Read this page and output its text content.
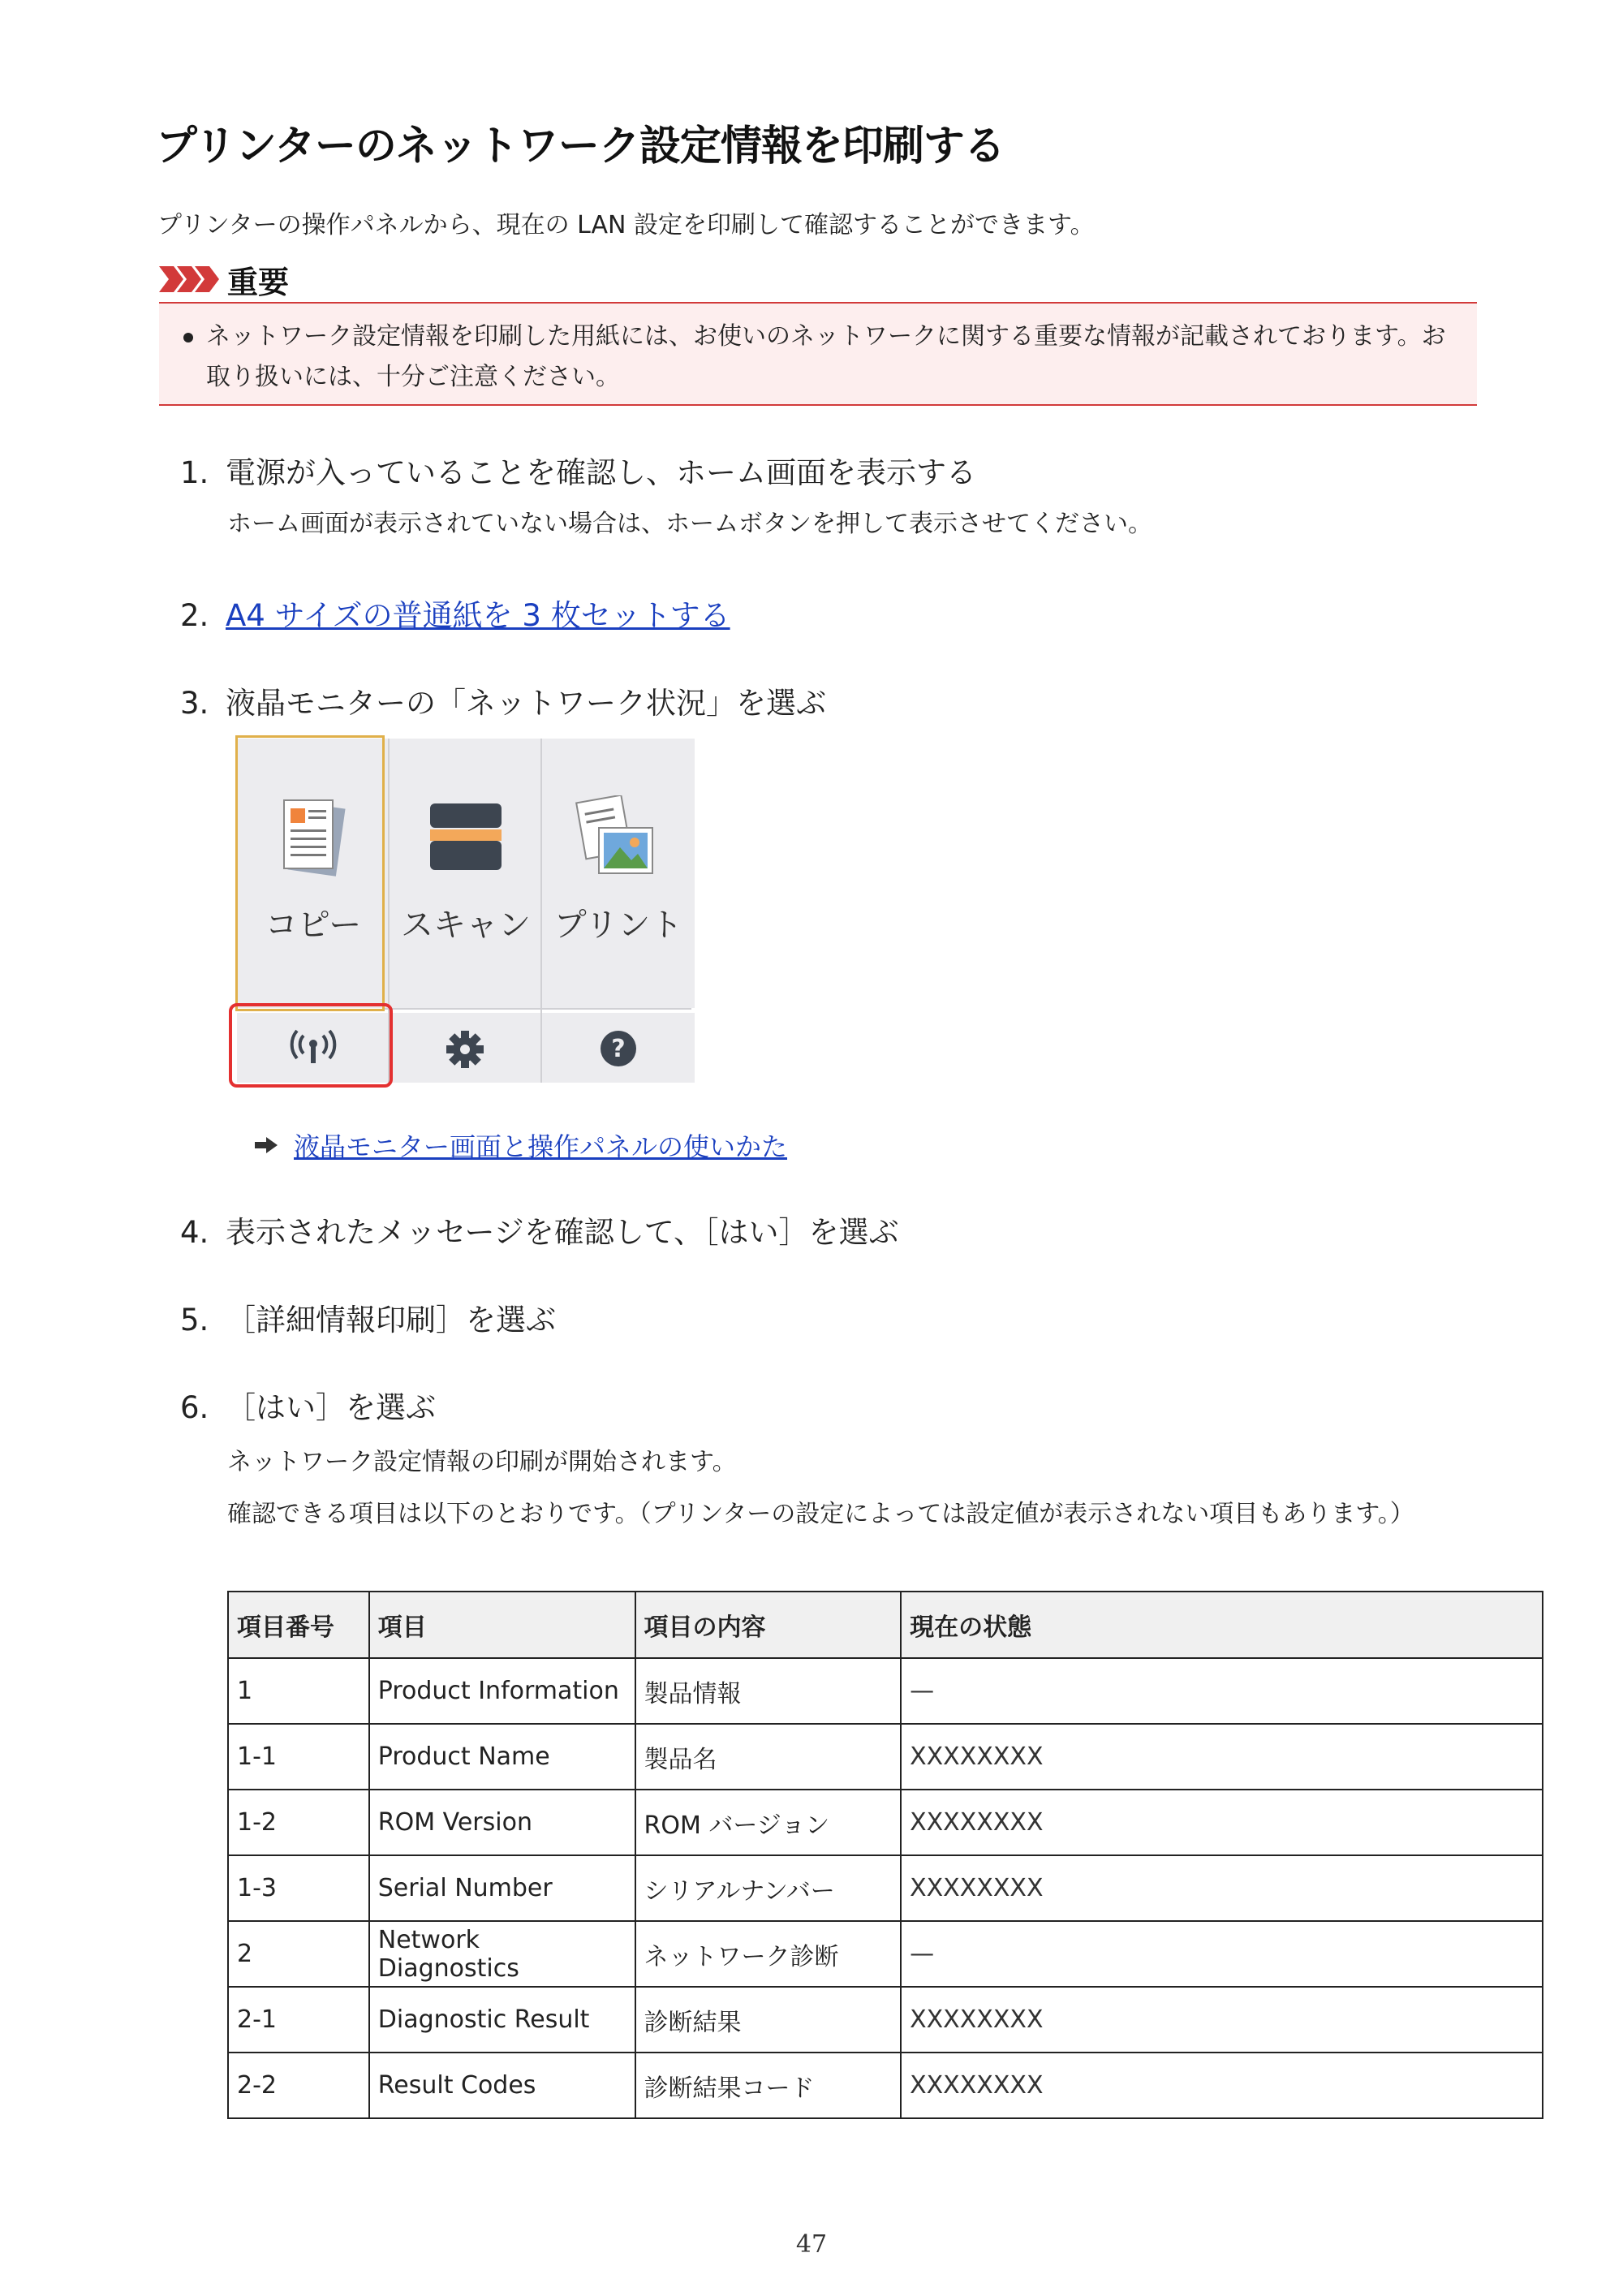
プリンターのネットワーク設定情報を印刷する
プリンターの操作パネルから、現在の LAN 設定を印刷して確認することができます。
重要
ネットワーク設定情報を印刷した用紙には、お使いのネットワークに関する重要な情報が記載されております。お取り扱いには、十分ご注意ください。
1. 電源が入っていることを確認し、ホーム画面を表示する
ホーム画面が表示されていない場合は、ホームボタンを押して表示させてください。
2. A4 サイズの普通紙を 3 枚セットする
3. 液晶モニターの「ネットワーク状況」を選ぶ
コピー	スキャン プリント
?
液晶モニター画面と操作パネルの使いかた
4. 表示されたメッセージを確認して、［はい］を選ぶ
5. ［詳細情報印刷］を選ぶ
6. ［はい］を選ぶ
ネットワーク設定情報の印刷が開始されます。
確認できる項目は以下のとおりです。（プリンターの設定によっては設定値が表示されない項目もあります。）
項目番号	項目	項目の内容	現在の状態
1	Product Information	製品情報	—
1-1	Product Name	製品名	XXXXXXXX
1-2	ROM Version	ROM バージョン	XXXXXXXX
1-3	Serial Number	シリアルナンバー	XXXXXXXX
2	Network Diagnostics	ネットワーク診断	—
2-1	Diagnostic Result	診断結果	XXXXXXXX
2-2	Result Codes	診断結果コード	XXXXXXXX
47
